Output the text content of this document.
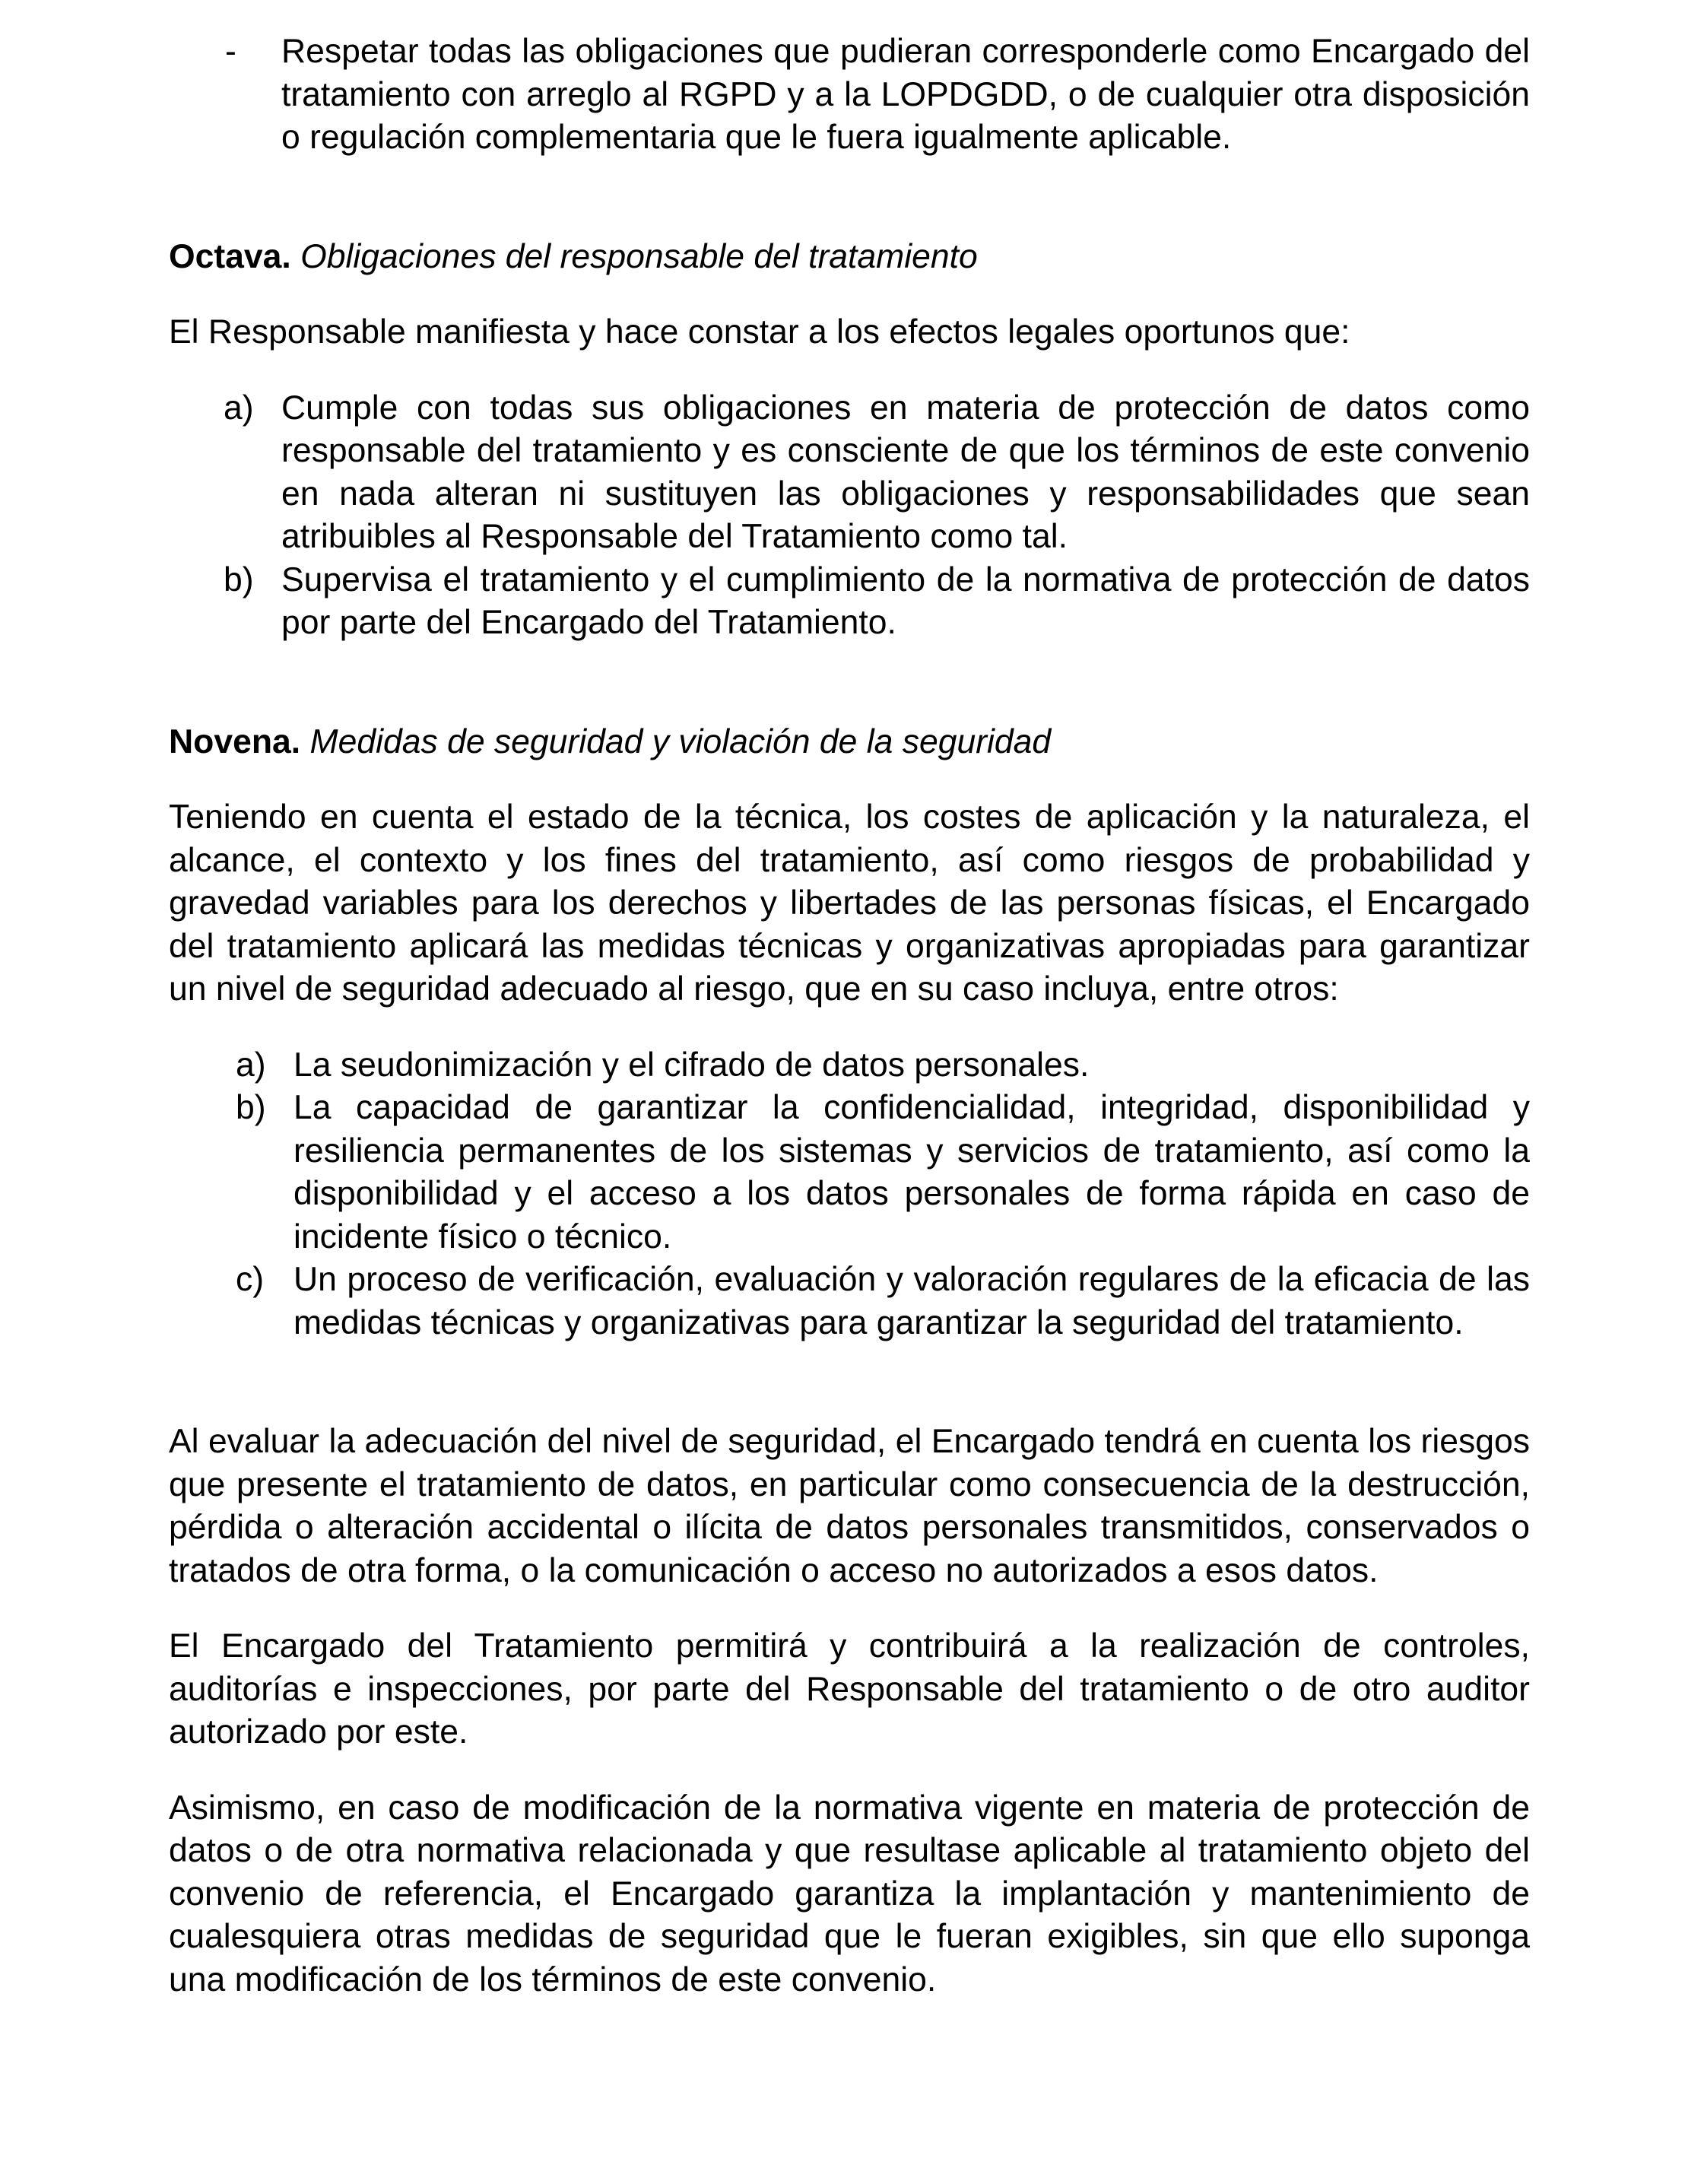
- Respetar todas las obligaciones que pudieran corresponderle como Encargado del tratamiento con arreglo al RGPD y a la LOPDGDD, o de cualquier otra disposición o regulación complementaria que le fuera igualmente aplicable.
Octava. Obligaciones del responsable del tratamiento

El Responsable manifiesta y hace constar a los efectos legales oportunos que:

a) Cumple con todas sus obligaciones en materia de protección de datos como responsable del tratamiento y es consciente de que los términos de este convenio en nada alteran ni sustituyen las obligaciones y responsabilidades que sean atribuibles al Responsable del Tratamiento como tal.
b) Supervisa el tratamiento y el cumplimiento de la normativa de protección de datos por parte del Encargado del Tratamiento.
Novena. Medidas de seguridad y violación de la seguridad

Teniendo en cuenta el estado de la técnica, los costes de aplicación y la naturaleza, el alcance, el contexto y los fines del tratamiento, así como riesgos de probabilidad y gravedad variables para los derechos y libertades de las personas físicas, el Encargado del tratamiento aplicará las medidas técnicas y organizativas apropiadas para garantizar un nivel de seguridad adecuado al riesgo, que en su caso incluya, entre otros:

a) La seudonimización y el cifrado de datos personales.
b) La capacidad de garantizar la confidencialidad, integridad, disponibilidad y resiliencia permanentes de los sistemas y servicios de tratamiento, así como la disponibilidad y el acceso a los datos personales de forma rápida en caso de incidente físico o técnico.
c) Un proceso de verificación, evaluación y valoración regulares de la eficacia de las medidas técnicas y organizativas para garantizar la seguridad del tratamiento.

Al evaluar la adecuación del nivel de seguridad, el Encargado tendrá en cuenta los riesgos que presente el tratamiento de datos, en particular como consecuencia de la destrucción, pérdida o alteración accidental o ilícita de datos personales transmitidos, conservados o tratados de otra forma, o la comunicación o acceso no autorizados a esos datos.

El Encargado del Tratamiento permitirá y contribuirá a la realización de controles, auditorías e inspecciones, por parte del Responsable del tratamiento o de otro auditor autorizado por este.

Asimismo, en caso de modificación de la normativa vigente en materia de protección de datos o de otra normativa relacionada y que resultase aplicable al tratamiento objeto del convenio de referencia, el Encargado garantiza la implantación y mantenimiento de cualesquiera otras medidas de seguridad que le fueran exigibles, sin que ello suponga una modificación de los términos de este convenio.
